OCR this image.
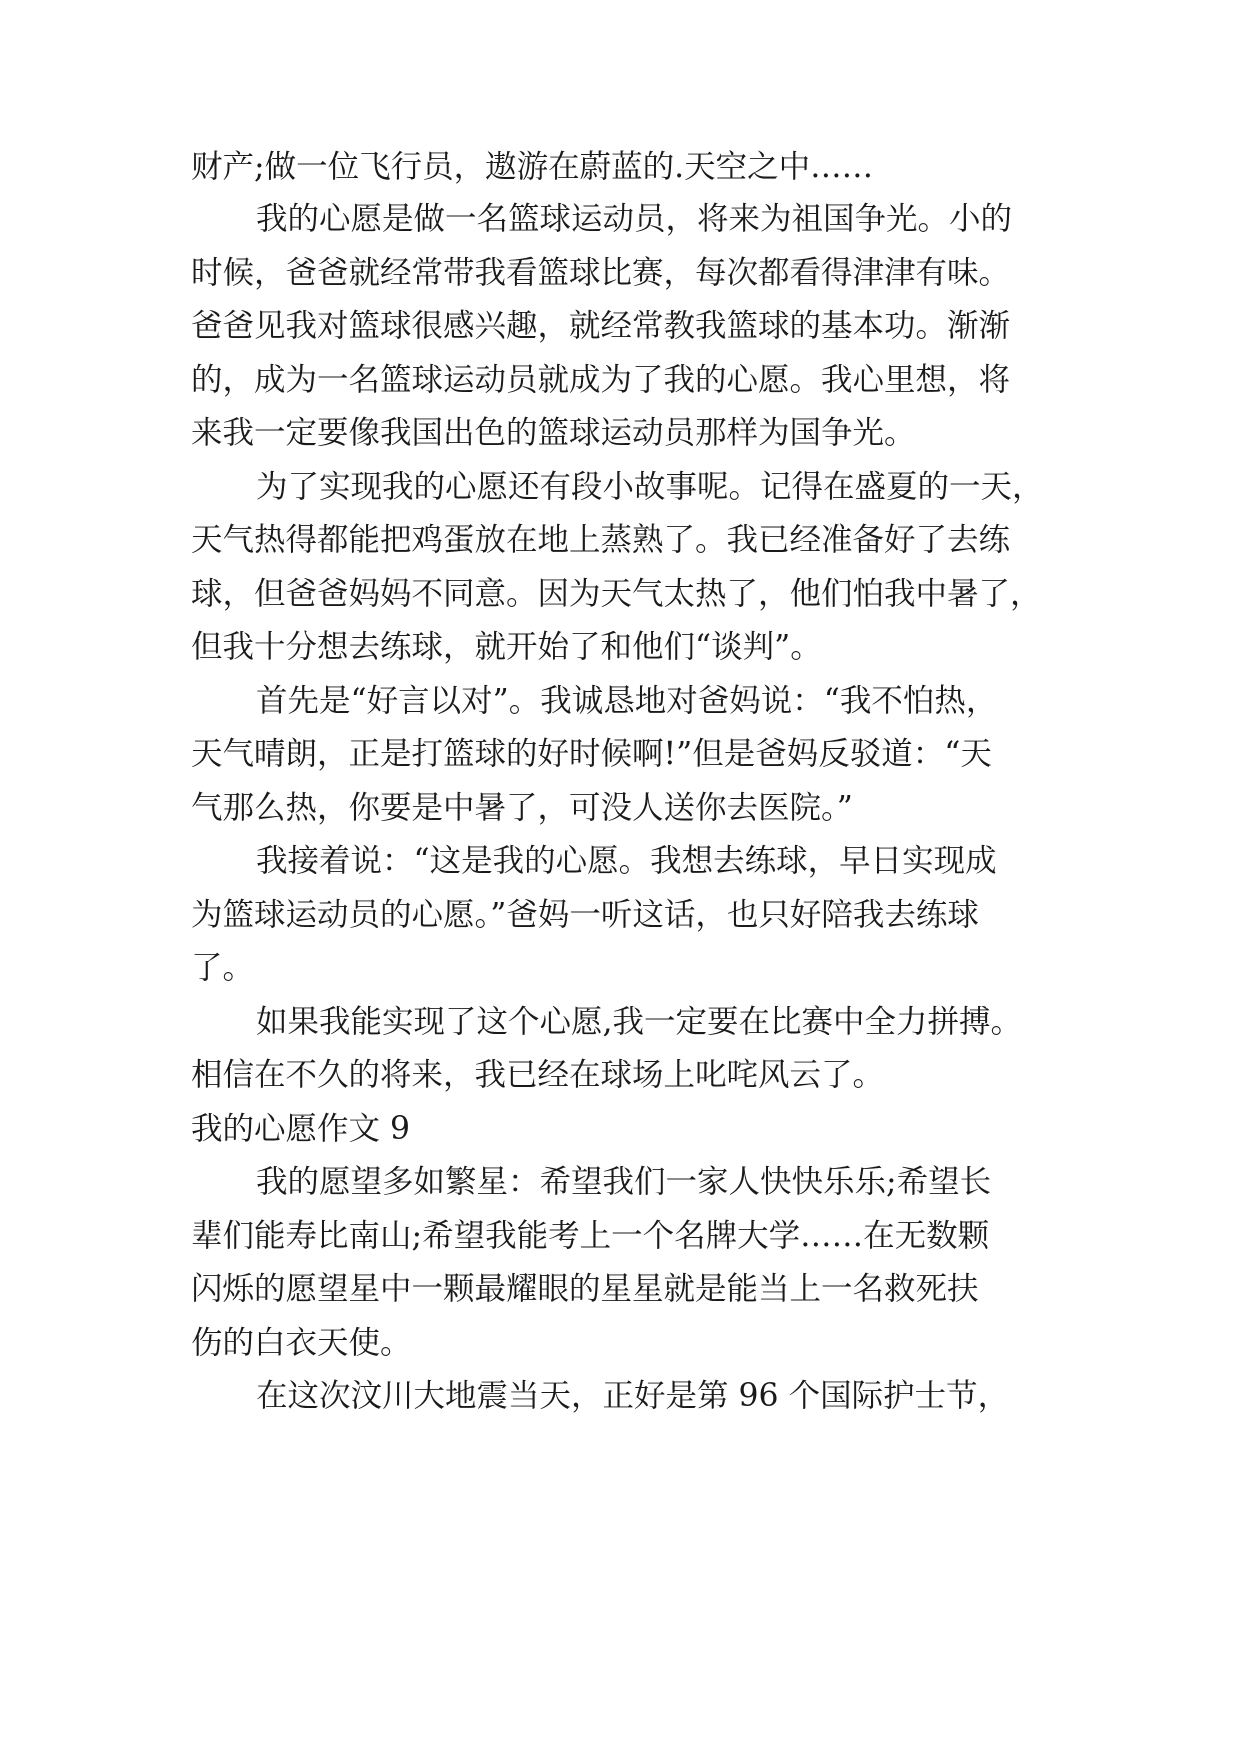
财产;做一位飞行员，遨游在蔚蓝的.天空之中……

我的心愿是做一名篮球运动员，将来为祖国争光。小的

时候，爸爸就经常带我看篮球比赛，每次都看得津津有味。

爸爸见我对篮球很感兴趣，就经常教我篮球的基本功。渐渐

的，成为一名篮球运动员就成为了我的心愿。我心里想，将

来我一定要像我国出色的篮球运动员那样为国争光。

为了实现我的心愿还有段小故事呢。记得在盛夏的一天，

天气热得都能把鸡蛋放在地上蒸熟了。我已经准备好了去练

球，但爸爸妈妈不同意。因为天气太热了，他们怕我中暑了，

但我十分想去练球，就开始了和他们“谈判”。

首先是“好言以对”。我诚恳地对爸妈说：“我不怕热，

天气晴朗，正是打篮球的好时候啊!”但是爸妈反驳道：“天

气那么热，你要是中暑了，可没人送你去医院。”

我接着说：“这是我的心愿。我想去练球，早日实现成

为篮球运动员的心愿。”爸妈一听这话，也只好陪我去练球

了。

如果我能实现了这个心愿,我一定要在比赛中全力拼搏。

相信在不久的将来，我已经在球场上叱咤风云了。

我的心愿作文 9

我的愿望多如繁星：希望我们一家人快快乐乐;希望长

辈们能寿比南山;希望我能考上一个名牌大学……在无数颗

闪烁的愿望星中一颗最耀眼的星星就是能当上一名救死扶

伤的白衣天使。

在这次汶川大地震当天，正好是第 96 个国际护士节，
